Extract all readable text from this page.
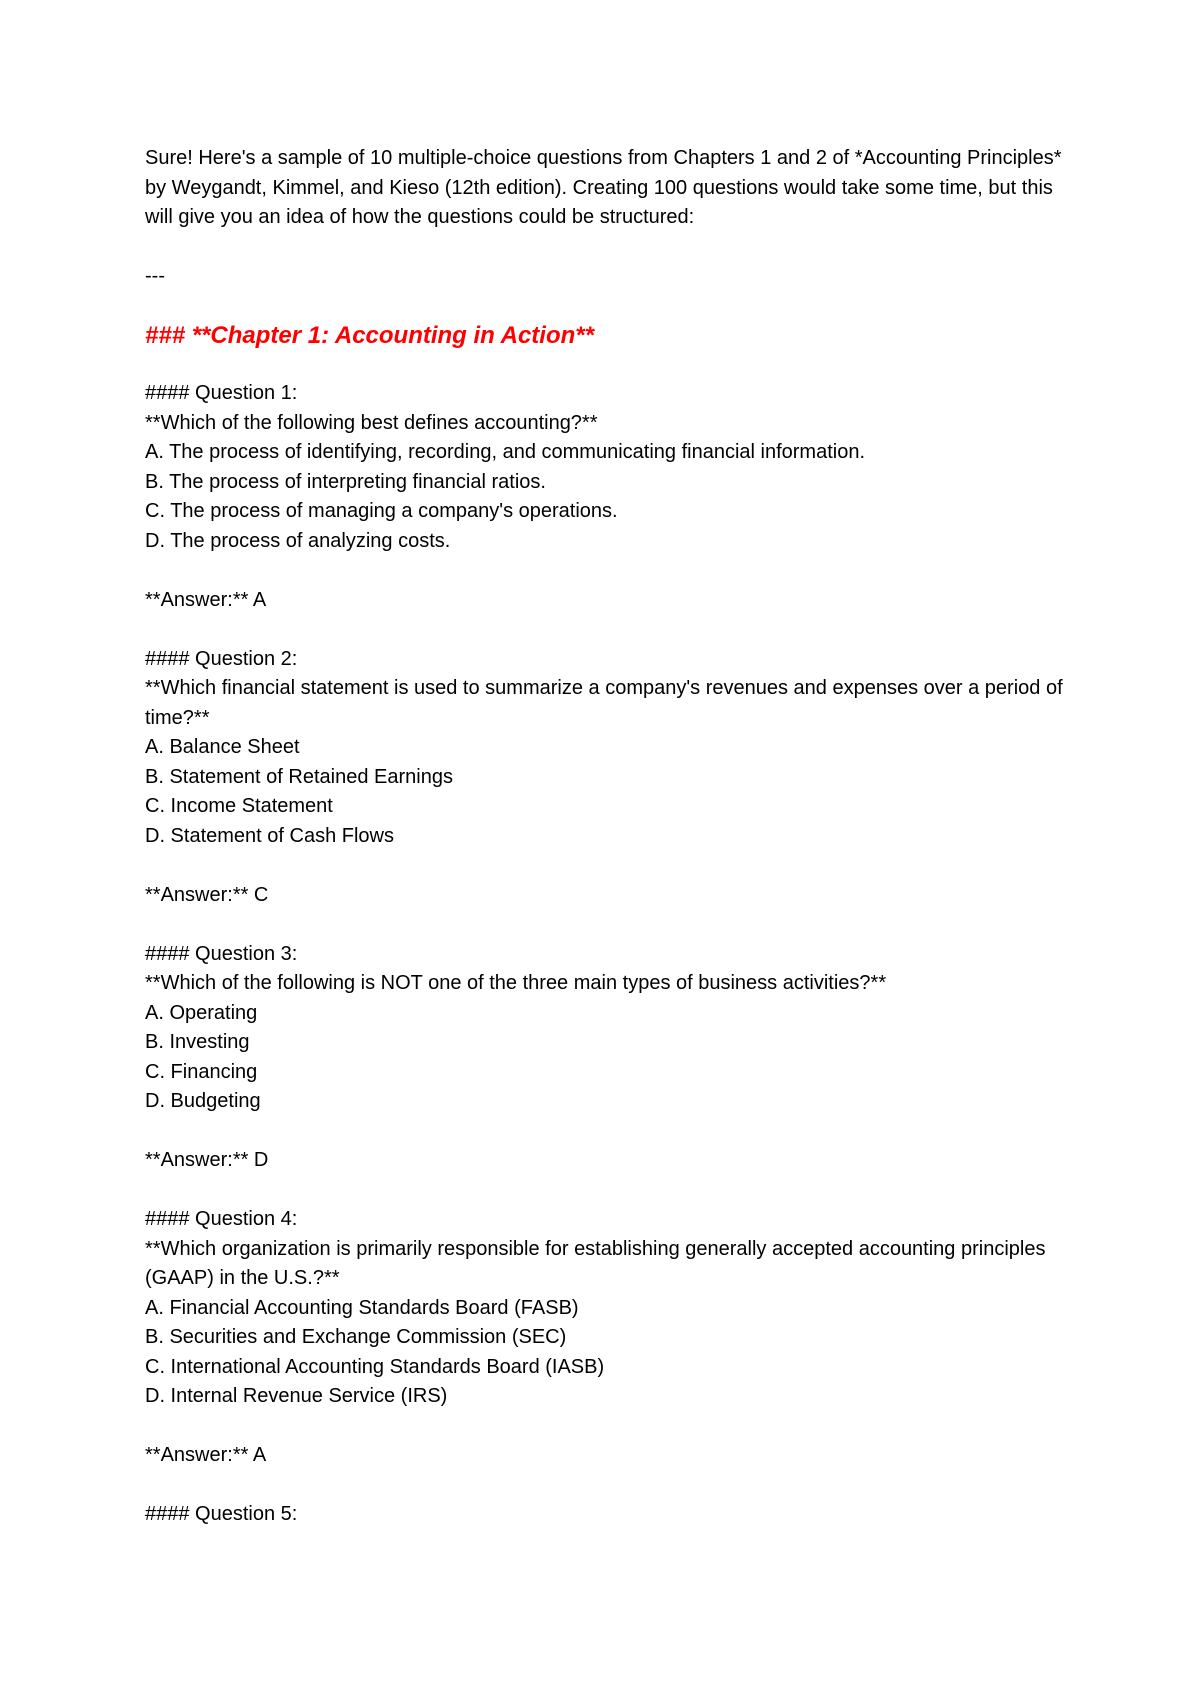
Sure! Here's a sample of 10 multiple-choice questions from Chapters 1 and 2 of *Accounting Principles* by Weygandt, Kimmel, and Kieso (12th edition). Creating 100 questions would take some time, but this will give you an idea of how the questions could be structured:

---

### **Chapter 1: Accounting in Action**

#### Question 1:

**Which of the following best defines accounting?**

A. The process of identifying, recording, and communicating financial information.

B. The process of interpreting financial ratios.

C. The process of managing a company's operations.

D. The process of analyzing costs.

**Answer:** A

#### Question 2:

**Which financial statement is used to summarize a company's revenues and expenses over a period of time?**

A. Balance Sheet

B. Statement of Retained Earnings

C. Income Statement

D. Statement of Cash Flows

**Answer:** C

#### Question 3:

**Which of the following is NOT one of the three main types of business activities?**

A. Operating

B. Investing

C. Financing

D. Budgeting

**Answer:** D

#### Question 4:

**Which organization is primarily responsible for establishing generally accepted accounting principles (GAAP) in the U.S.?**

A. Financial Accounting Standards Board (FASB)

B. Securities and Exchange Commission (SEC)

C. International Accounting Standards Board (IASB)

D. Internal Revenue Service (IRS)

**Answer:** A

#### Question 5:
